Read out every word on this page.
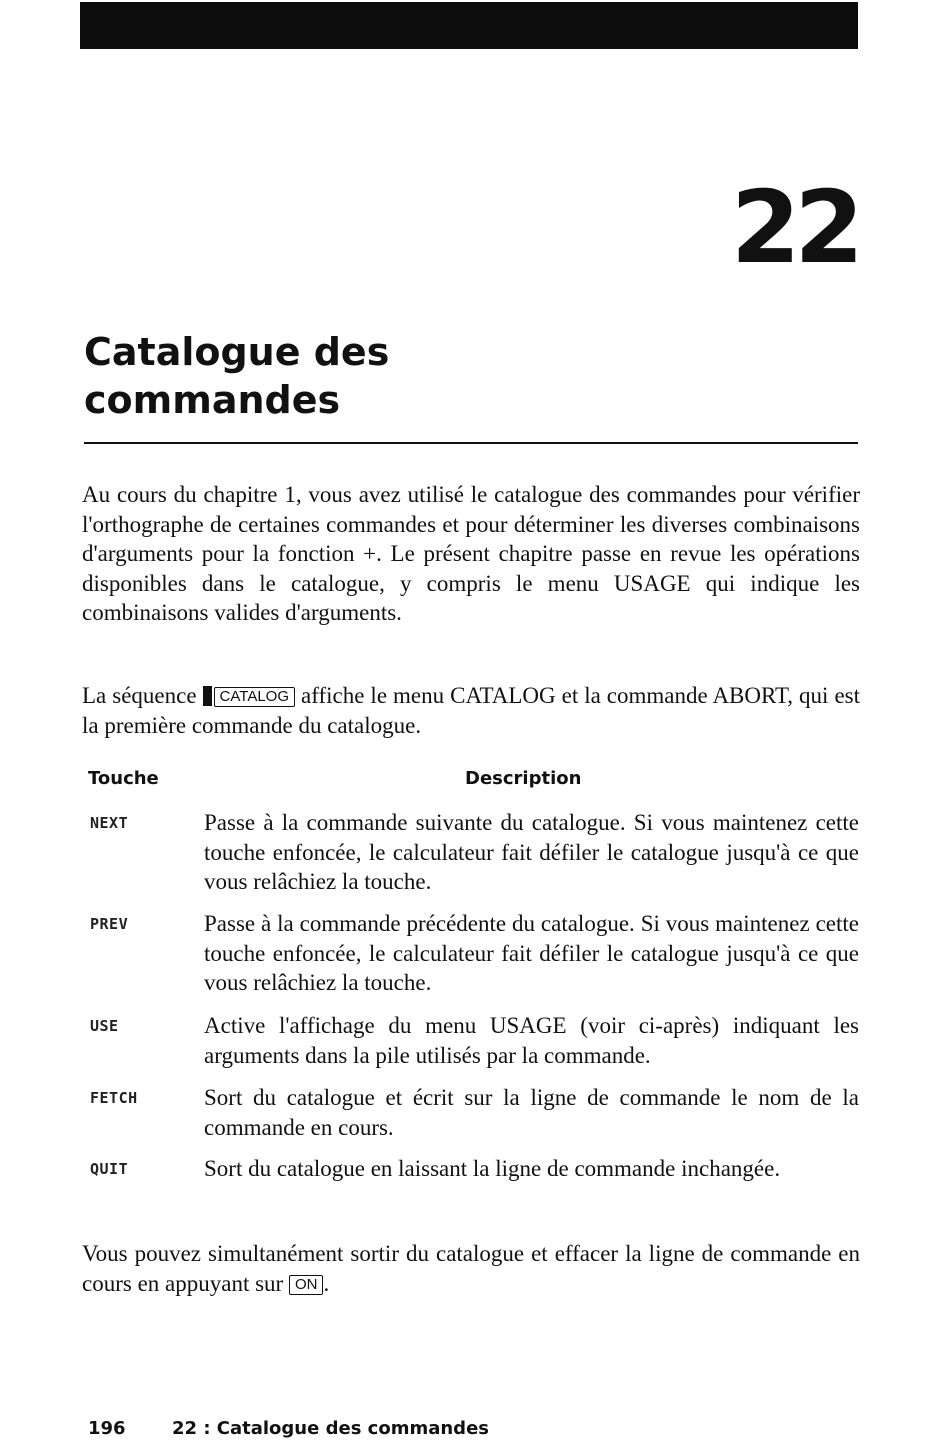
22
Catalogue des
commandes

Au cours du chapitre 1, vous avez utilisé le catalogue des commandes pour vérifier l'orthographe de certaines commandes et pour déterminer les diverses combinaisons d'arguments pour la fonction +. Le présent chapitre passe en revue les opérations disponibles dans le catalogue, y compris le menu USAGE qui indique les combinaisons valides d'arguments.

La séquence CATALOG affiche le menu CATALOG et la commande ABORT, qui est la première commande du catalogue.

Touche	Description
NEXT	Passe à la commande suivante du catalogue. Si vous maintenez cette touche enfoncée, le calculateur fait défiler le catalogue jusqu'à ce que vous relâchiez la touche.

PREV	Passe à la commande précédente du catalogue. Si vous maintenez cette touche enfoncée, le calculateur fait défiler le catalogue jusqu'à ce que vous relâchiez la touche.

USE	Active l'affichage du menu USAGE (voir ci-après) indiquant les arguments dans la pile utilisés par la commande.

FETCH	Sort du catalogue et écrit sur la ligne de commande le nom de la commande en cours.

QUIT	Sort du catalogue en laissant la ligne de commande inchangée.

Vous pouvez simultanément sortir du catalogue et effacer la ligne de commande en cours en appuyant sur ON .

196	22 : Catalogue des commandes
